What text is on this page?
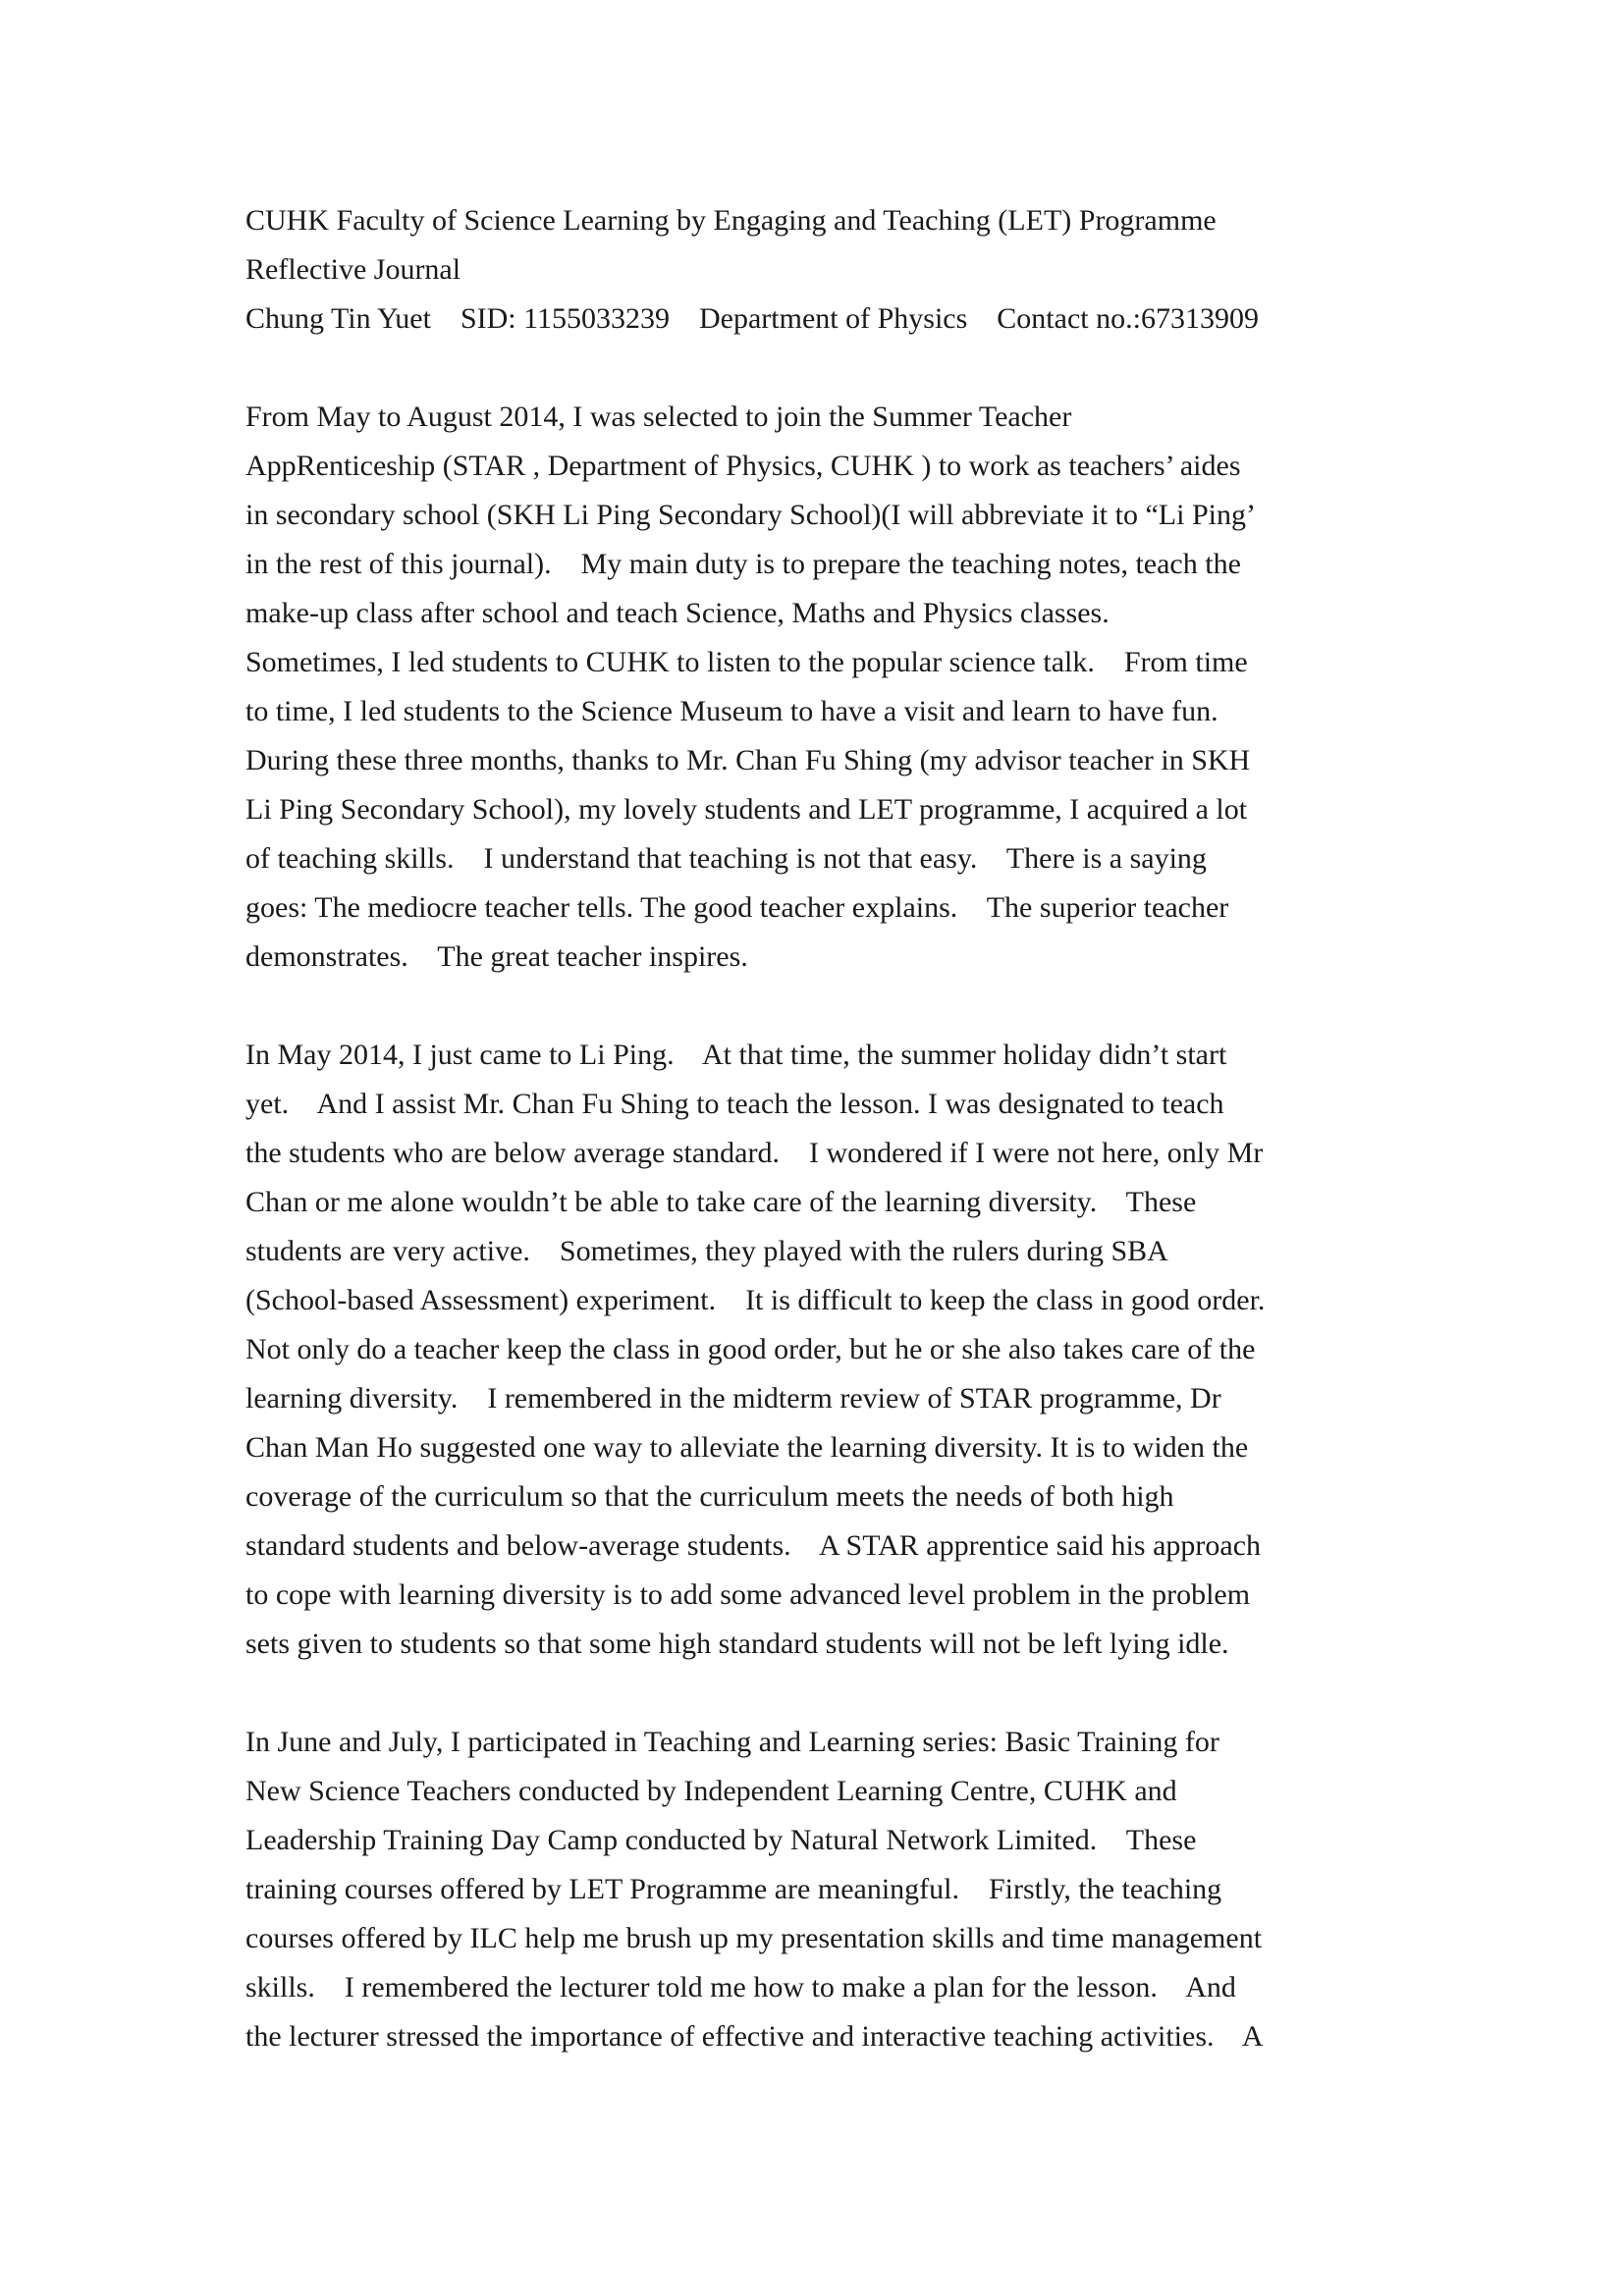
CUHK Faculty of Science Learning by Engaging and Teaching (LET) Programme
Reflective Journal
Chung Tin Yuet    SID: 1155033239    Department of Physics    Contact no.:67313909
From May to August 2014, I was selected to join the Summer Teacher
AppRenticeship (STAR , Department of Physics, CUHK ) to work as teachers’ aides
in secondary school (SKH Li Ping Secondary School)(I will abbreviate it to “Li Ping’
in the rest of this journal).    My main duty is to prepare the teaching notes, teach the
make-up class after school and teach Science, Maths and Physics classes.
Sometimes, I led students to CUHK to listen to the popular science talk.    From time
to time, I led students to the Science Museum to have a visit and learn to have fun.
During these three months, thanks to Mr. Chan Fu Shing (my advisor teacher in SKH
Li Ping Secondary School), my lovely students and LET programme, I acquired a lot
of teaching skills.    I understand that teaching is not that easy.    There is a saying
goes: The mediocre teacher tells. The good teacher explains.    The superior teacher
demonstrates.    The great teacher inspires.
In May 2014, I just came to Li Ping.    At that time, the summer holiday didn’t start
yet.    And I assist Mr. Chan Fu Shing to teach the lesson. I was designated to teach
the students who are below average standard.    I wondered if I were not here, only Mr
Chan or me alone wouldn’t be able to take care of the learning diversity.    These
students are very active.    Sometimes, they played with the rulers during SBA
(School-based Assessment) experiment.    It is difficult to keep the class in good order.
Not only do a teacher keep the class in good order, but he or she also takes care of the
learning diversity.    I remembered in the midterm review of STAR programme, Dr
Chan Man Ho suggested one way to alleviate the learning diversity. It is to widen the
coverage of the curriculum so that the curriculum meets the needs of both high
standard students and below-average students.    A STAR apprentice said his approach
to cope with learning diversity is to add some advanced level problem in the problem
sets given to students so that some high standard students will not be left lying idle.
In June and July, I participated in Teaching and Learning series: Basic Training for
New Science Teachers conducted by Independent Learning Centre, CUHK and
Leadership Training Day Camp conducted by Natural Network Limited.    These
training courses offered by LET Programme are meaningful.    Firstly, the teaching
courses offered by ILC help me brush up my presentation skills and time management
skills.    I remembered the lecturer told me how to make a plan for the lesson.    And
the lecturer stressed the importance of effective and interactive teaching activities.    A
